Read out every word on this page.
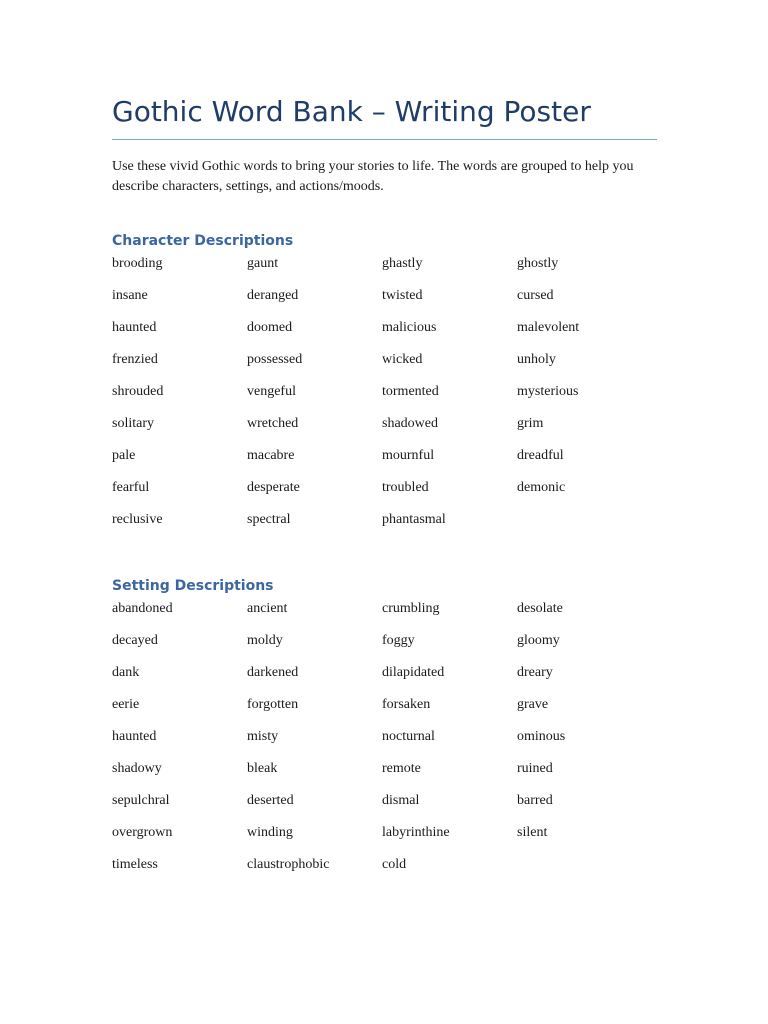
Gothic Word Bank – Writing Poster

Use these vivid Gothic words to bring your stories to life. The words are grouped to help you describe characters, settings, and actions/moods.

Character Descriptions
brooding	gaunt	ghastly	ghostly
insane	deranged	twisted	cursed
haunted	doomed	malicious	malevolent
frenzied	possessed	wicked	unholy
shrouded	vengeful	tormented	mysterious
solitary	wretched	shadowed	grim
pale	macabre	mournful	dreadful
fearful	desperate	troubled	demonic
reclusive	spectral	phantasmal
Setting Descriptions
abandoned	ancient	crumbling	desolate
decayed	moldy	foggy	gloomy
dank	darkened	dilapidated	dreary
eerie	forgotten	forsaken	grave
haunted	misty	nocturnal	ominous
shadowy	bleak	remote	ruined
sepulchral	deserted	dismal	barred
overgrown	winding	labyrinthine	silent
timeless	claustrophobic	cold
